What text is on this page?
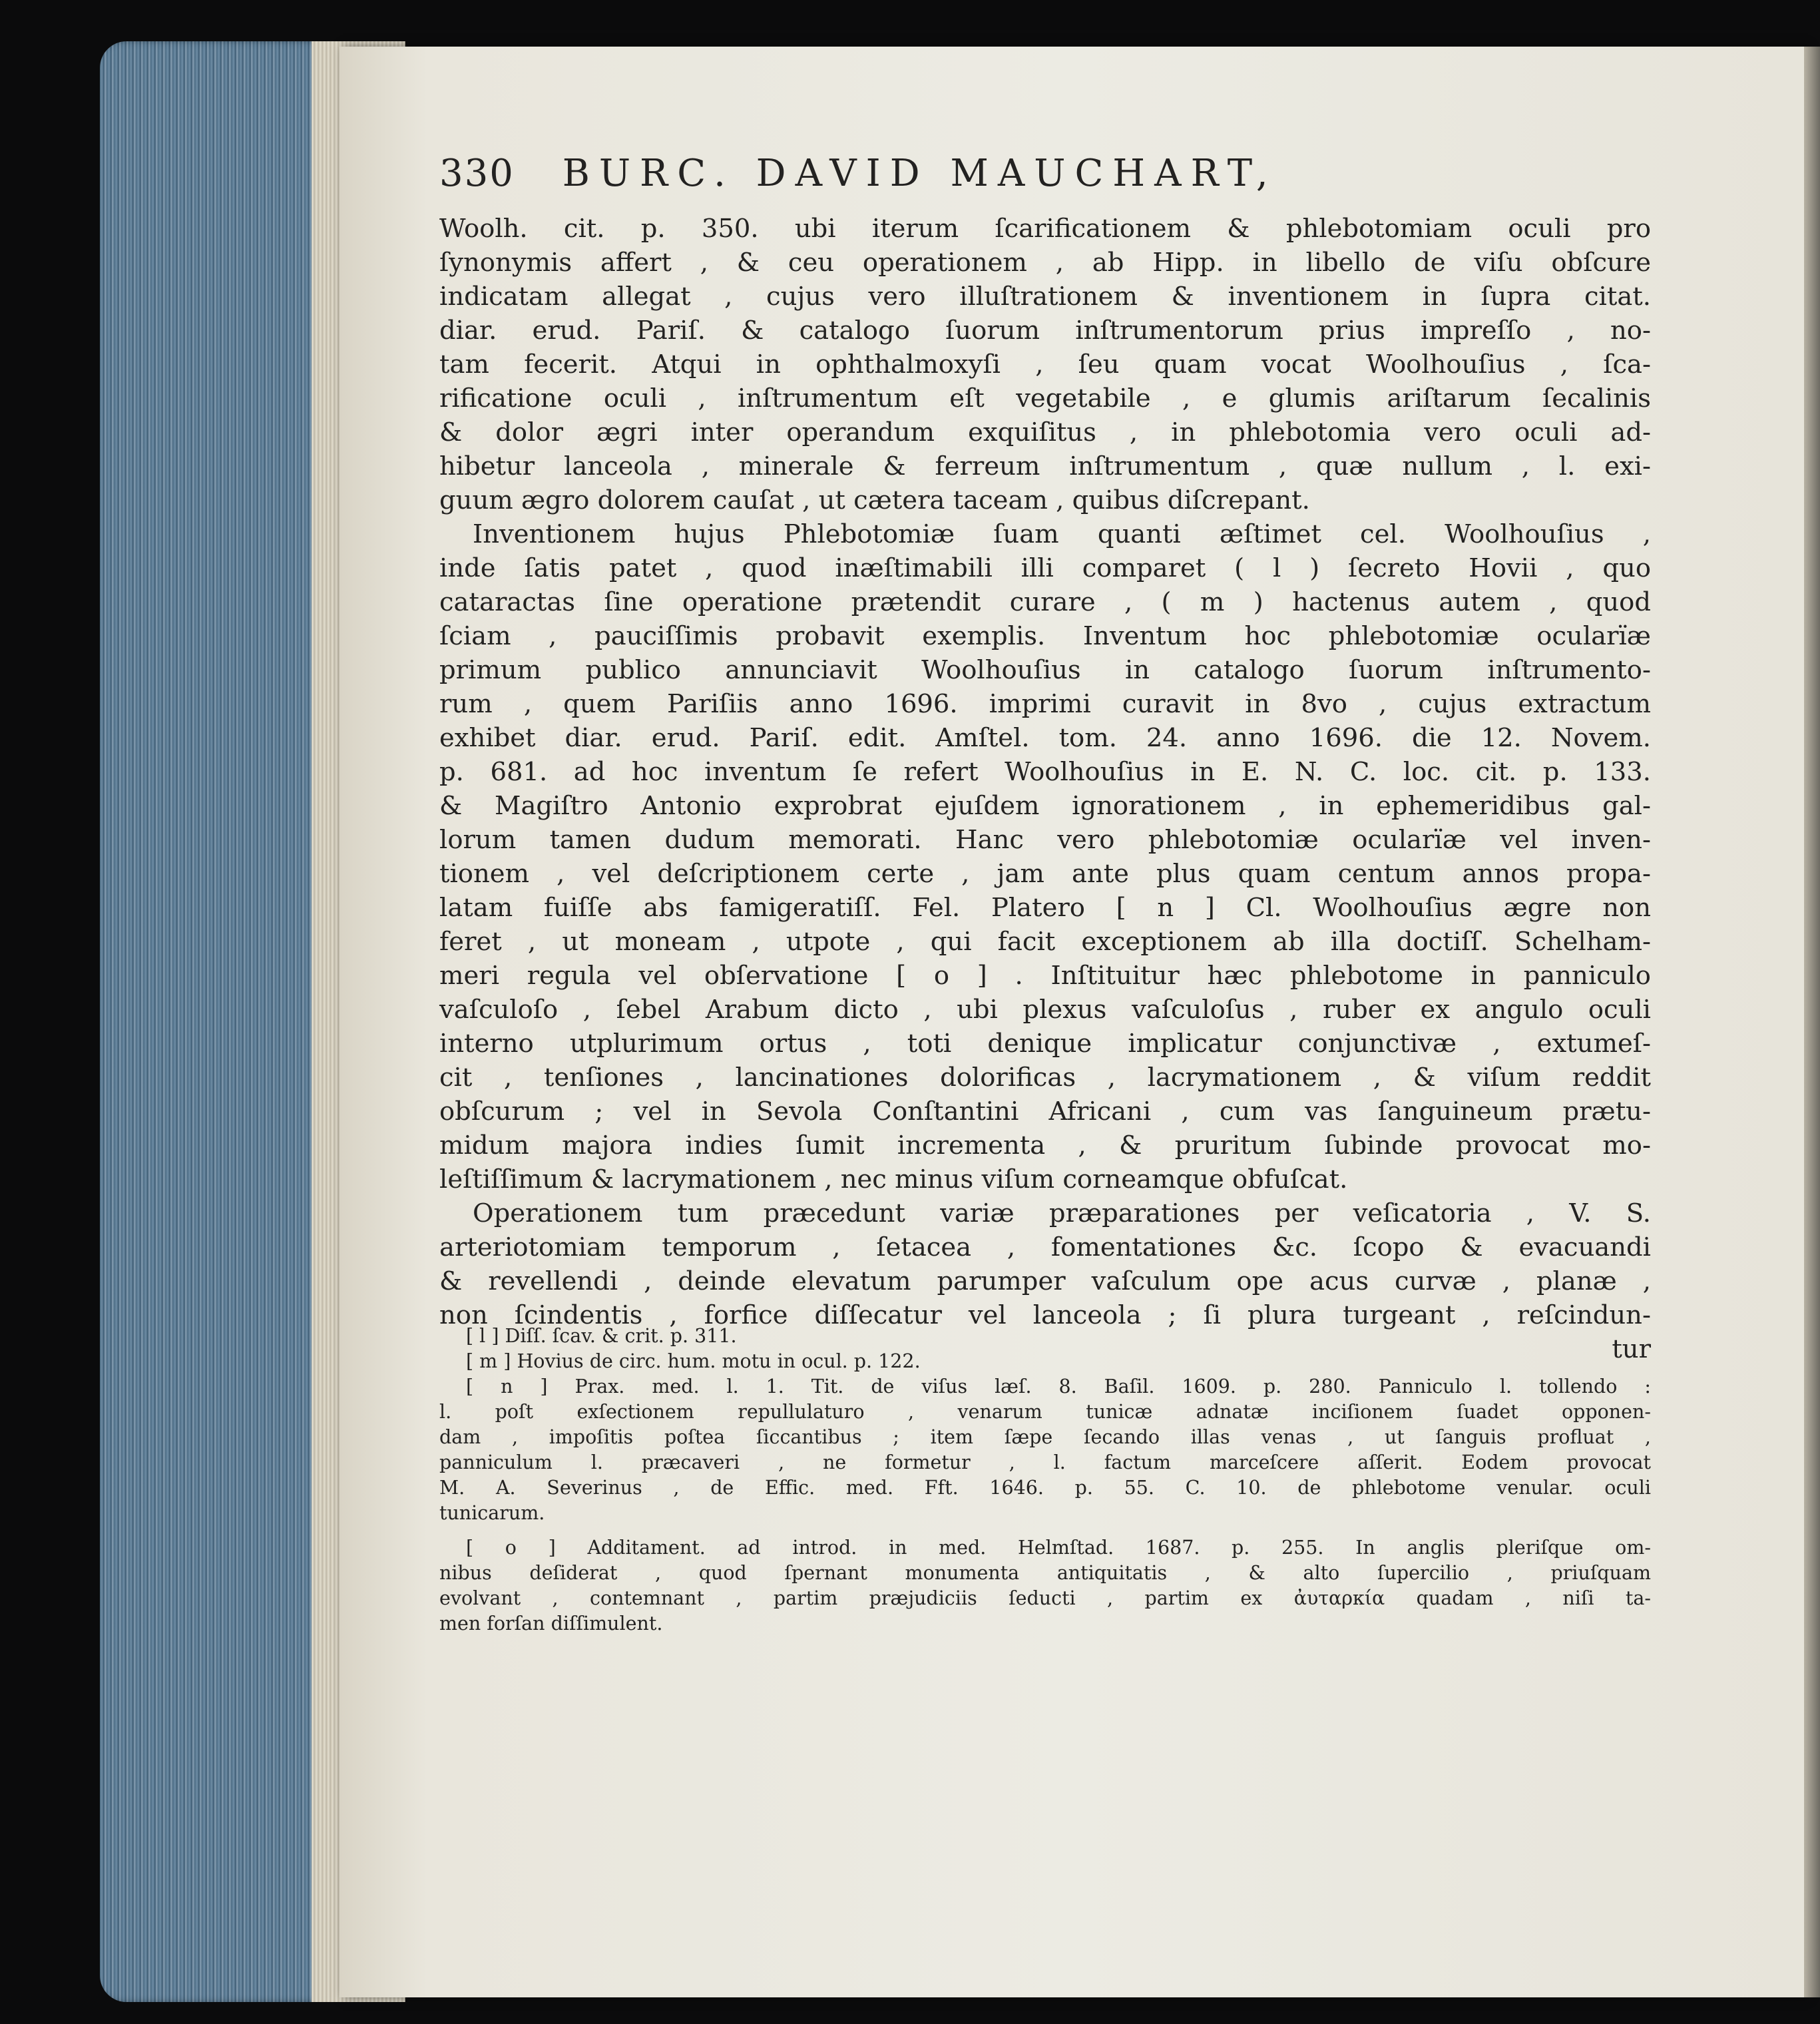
330 BURC. DAVID MAUCHART,
Woolh. cit. p. 350. ubi iterum ſcarificationem & phlebotomiam oculi pro
ſynonymis affert , & ceu operationem , ab Hipp. in libello de viſu obſcure
indicatam allegat , cujus vero illuſtrationem & inventionem in ſupra citat.
diar. erud. Pariſ. & catalogo ſuorum inſtrumentorum prius impreſſo , no-
tam fecerit. Atqui in ophthalmoxyſi , ſeu quam vocat Woolhouſius , ſca-
rificatione oculi , inſtrumentum eſt vegetabile , e glumis ariſtarum ſecalinis
& dolor ægri inter operandum exquiſitus , in phlebotomia vero oculi ad-
hibetur lanceola , minerale & ferreum inſtrumentum , quæ nullum , l. exi-
guum ægro dolorem cauſat , ut cætera taceam , quibus diſcrepant.
Inventionem hujus Phlebotomiæ ſuam quanti æſtimet cel. Woolhouſius ,
inde ſatis patet , quod inæſtimabili illi comparet ( l ) ſecreto Hovii , quo
cataractas ſine operatione prætendit curare , ( m ) hactenus autem , quod
ſciam , pauciſſimis probavit exemplis. Inventum hoc phlebotomiæ ocularïæ
primum publico annunciavit Woolhouſius in catalogo ſuorum inſtrumento-
rum , quem Pariſiis anno 1696. imprimi curavit in 8vo , cujus extractum
exhibet diar. erud. Pariſ. edit. Amſtel. tom. 24. anno 1696. die 12. Novem.
p. 681. ad hoc inventum ſe refert Woolhouſius in E. N. C. loc. cit. p. 133.
& Magiſtro Antonio exprobrat ejuſdem ignorationem , in ephemeridibus gal-
lorum tamen dudum memorati. Hanc vero phlebotomiæ ocularïæ vel inven-
tionem , vel deſcriptionem certe , jam ante plus quam centum annos propa-
latam fuiſſe abs famigeratiſſ. Fel. Platero [ n ] Cl. Woolhouſius ægre non
feret , ut moneam , utpote , qui facit exceptionem ab illa doctiſſ. Schelham-
meri regula vel obſervatione [ o ] . Inſtituitur hæc phlebotome in panniculo
vaſculoſo , ſebel Arabum dicto , ubi plexus vaſculoſus , ruber ex angulo oculi
interno utplurimum ortus , toti denique implicatur conjunctivæ , extumeſ-
cit , tenſiones , lancinationes dolorificas , lacrymationem , & viſum reddit
obſcurum ; vel in Sevola Conſtantini Africani , cum vas ſanguineum prætu-
midum majora indies ſumit incrementa , & pruritum ſubinde provocat mo-
leſtiſſimum & lacrymationem , nec minus viſum corneamque obfuſcat.
Operationem tum præcedunt variæ præparationes per veſicatoria , V. S.
arteriotomiam temporum , ſetacea , fomentationes &c. ſcopo & evacuandi
& revellendi , deinde elevatum parumper vaſculum ope acus curvæ , planæ ,
non ſcindentis , forfice diſſecatur vel lanceola ; ſi plura turgeant , reſcindun-
tur
[ l ] Diſſ. ſcav. & crit. p. 311.
[ m ] Hovius de circ. hum. motu in ocul. p. 122.
[ n ] Prax. med. l. 1. Tit. de viſus læſ. 8. Baſil. 1609. p. 280. Panniculo l. tollendo :
l. poſt exſectionem repullulaturo , venarum tunicæ adnatæ inciſionem ſuadet opponen-
dam , impoſitis poſtea ſiccantibus ; item ſæpe ſecando illas venas , ut ſanguis profluat ,
panniculum l. præcaveri , ne formetur , l. factum marceſcere aſſerit. Eodem provocat
M. A. Severinus , de Effic. med. Fft. 1646. p. 55. C. 10. de phlebotome venular. oculi
tunicarum.
[ o ] Additament. ad introd. in med. Helmſtad. 1687. p. 255. In anglis pleriſque om-
nibus deſiderat , quod ſpernant monumenta antiquitatis , & alto ſupercilio , priuſquam
evolvant , contemnant , partim præjudiciis ſeducti , partim ex ἀυταρκία quadam , niſi ta-
men forſan diſſimulent.
